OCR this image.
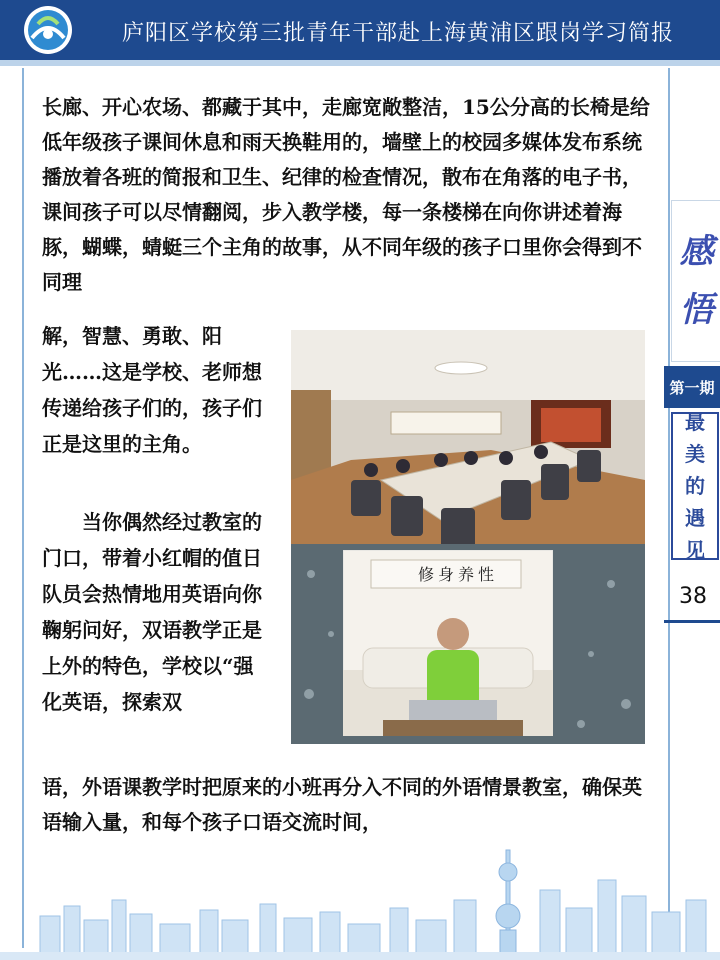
庐阳区学校第三批青年干部赴上海黄浦区跟岗学习简报
长廊、开心农场、都藏于其中，走廊宽敞整洁，15公分高的长椅是给低年级孩子课间休息和雨天换鞋用的，墙壁上的校园多媒体发布系统播放着各班的简报和卫生、纪律的检查情况，散布在角落的电子书，课间孩子可以尽情翻阅，步入教学楼，每一条楼梯在向你讲述着海豚，蝴蝶，蜻蜓三个主角的故事，从不同年级的孩子口里你会得到不同理
解，智慧、勇敢、阳光……这是学校、老师想传递给孩子们的，孩子们正是这里的主角。
当你偶然经过教室的门口，带着小红帽的值日队员会热情地用英语向你鞠躬问好，双语教学正是上外的特色，学校以“强化英语，探索双
语，外语课教学时把原来的小班再分入不同的外语情景教室，确保英语输入量，和每个孩子口语交流时间，
修身养性
感
悟
第一期
最
美
的
遇
见
38
